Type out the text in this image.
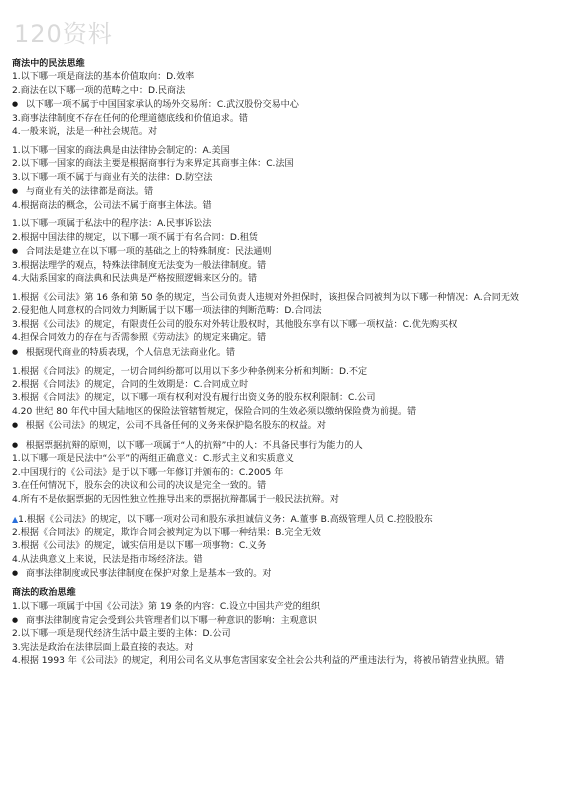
120资料
商法中的民法思维
1.以下哪一项是商法的基本价值取向：D.效率
2.商法在以下哪一项的范畴之中：D.民商法
● 以下哪一项不属于中国国家承认的场外交易所：C.武汉股份交易中心
3.商事法律制度不存在任何的伦理道德底线和价值追求。错
4.一般来说，法是一种社会规范。对
1.以下哪一国家的商法典是由法律协会制定的：A.美国
2.以下哪一国家的商法主要是根据商事行为来界定其商事主体：C.法国
3.以下哪一项不属于与商业有关的法律：D.防空法
● 与商业有关的法律都是商法。错
4.根据商法的概念，公司法不属于商事主体法。错
1.以下哪一项属于私法中的程序法：A.民事诉讼法
2.根据中国法律的规定，以下哪一项不属于有名合同：D.租赁
● 合同法是建立在以下哪一项的基础之上的特殊制度：民法通则
3.根据法理学的观点，特殊法律制度无法变为一般法律制度。错
4.大陆系国家的商法典和民法典是严格按照逻辑来区分的。错
1.根据《公司法》第 16 条和第 50 条的规定，当公司负责人违规对外担保时，该担保合同被判为以下哪一种情况：A.合同无效
2.侵犯他人同意权的合同效力判断属于以下哪一项法律的判断范畴：D.合同法
3.根据《公司法》的规定，有限责任公司的股东对外转让股权时，其他股东享有以下哪一项权益：C.优先购买权
4.担保合同效力的存在与否需参照《劳动法》的规定来确定。错
● 根据现代商业的特质表现，个人信息无法商业化。错
1.根据《合同法》的规定，一切合同纠纷都可以用以下多少种条例来分析和判断：D.不定
2.根据《合同法》的规定，合同的生效期是：C.合同成立时
3.根据《合同法》的规定，以下哪一项有权利对没有履行出资义务的股东权利限制：C.公司
4.20 世纪 80 年代中国大陆地区的保险法管辖暂规定，保险合同的生效必须以缴纳保险费为前提。错
● 根据《公司法》的规定，公司不具备任何的义务来保护隐名股东的权益。对
● 根据票据抗辩的原则，以下哪一项属于“人的抗辩”中的人：不具备民事行为能力的人
1.以下哪一项是民法中“公平”的两组正确意义：C.形式主义和实质意义
2.中国现行的《公司法》是于以下哪一年修订并颁布的：C.2005 年
3.在任何情况下，股东会的决议和公司的决议是完全一致的。错
4.所有不是依据票据的无因性独立性推导出来的票据抗辩都属于一般民法抗辩。对
▲1.根据《公司法》的规定，以下哪一项对公司和股东承担诚信义务：A.董事 B.高级管理人员 C.控股股东
2.根据《合同法》的规定，欺诈合同会被判定为以下哪一种结果：B.完全无效
3.根据《公司法》的规定，诚实信用是以下哪一项事物：C.义务
4.从法典意义上来说，民法是指市场经济法。错
● 商事法律制度或民事法律制度在保护对象上是基本一致的。对
商法的政治思维
1.以下哪一项属于中国《公司法》第 19 条的内容：C.设立中国共产党的组织
● 商事法律制度肯定会受到公共管理者们以下哪一种意识的影响：主观意识
2.以下哪一项是现代经济生活中最主要的主体：D.公司
3.宪法是政治在法律层面上最直接的表达。对
4.根据 1993 年《公司法》的规定，利用公司名义从事危害国家安全社会公共利益的严重违法行为，将被吊销营业执照。错
